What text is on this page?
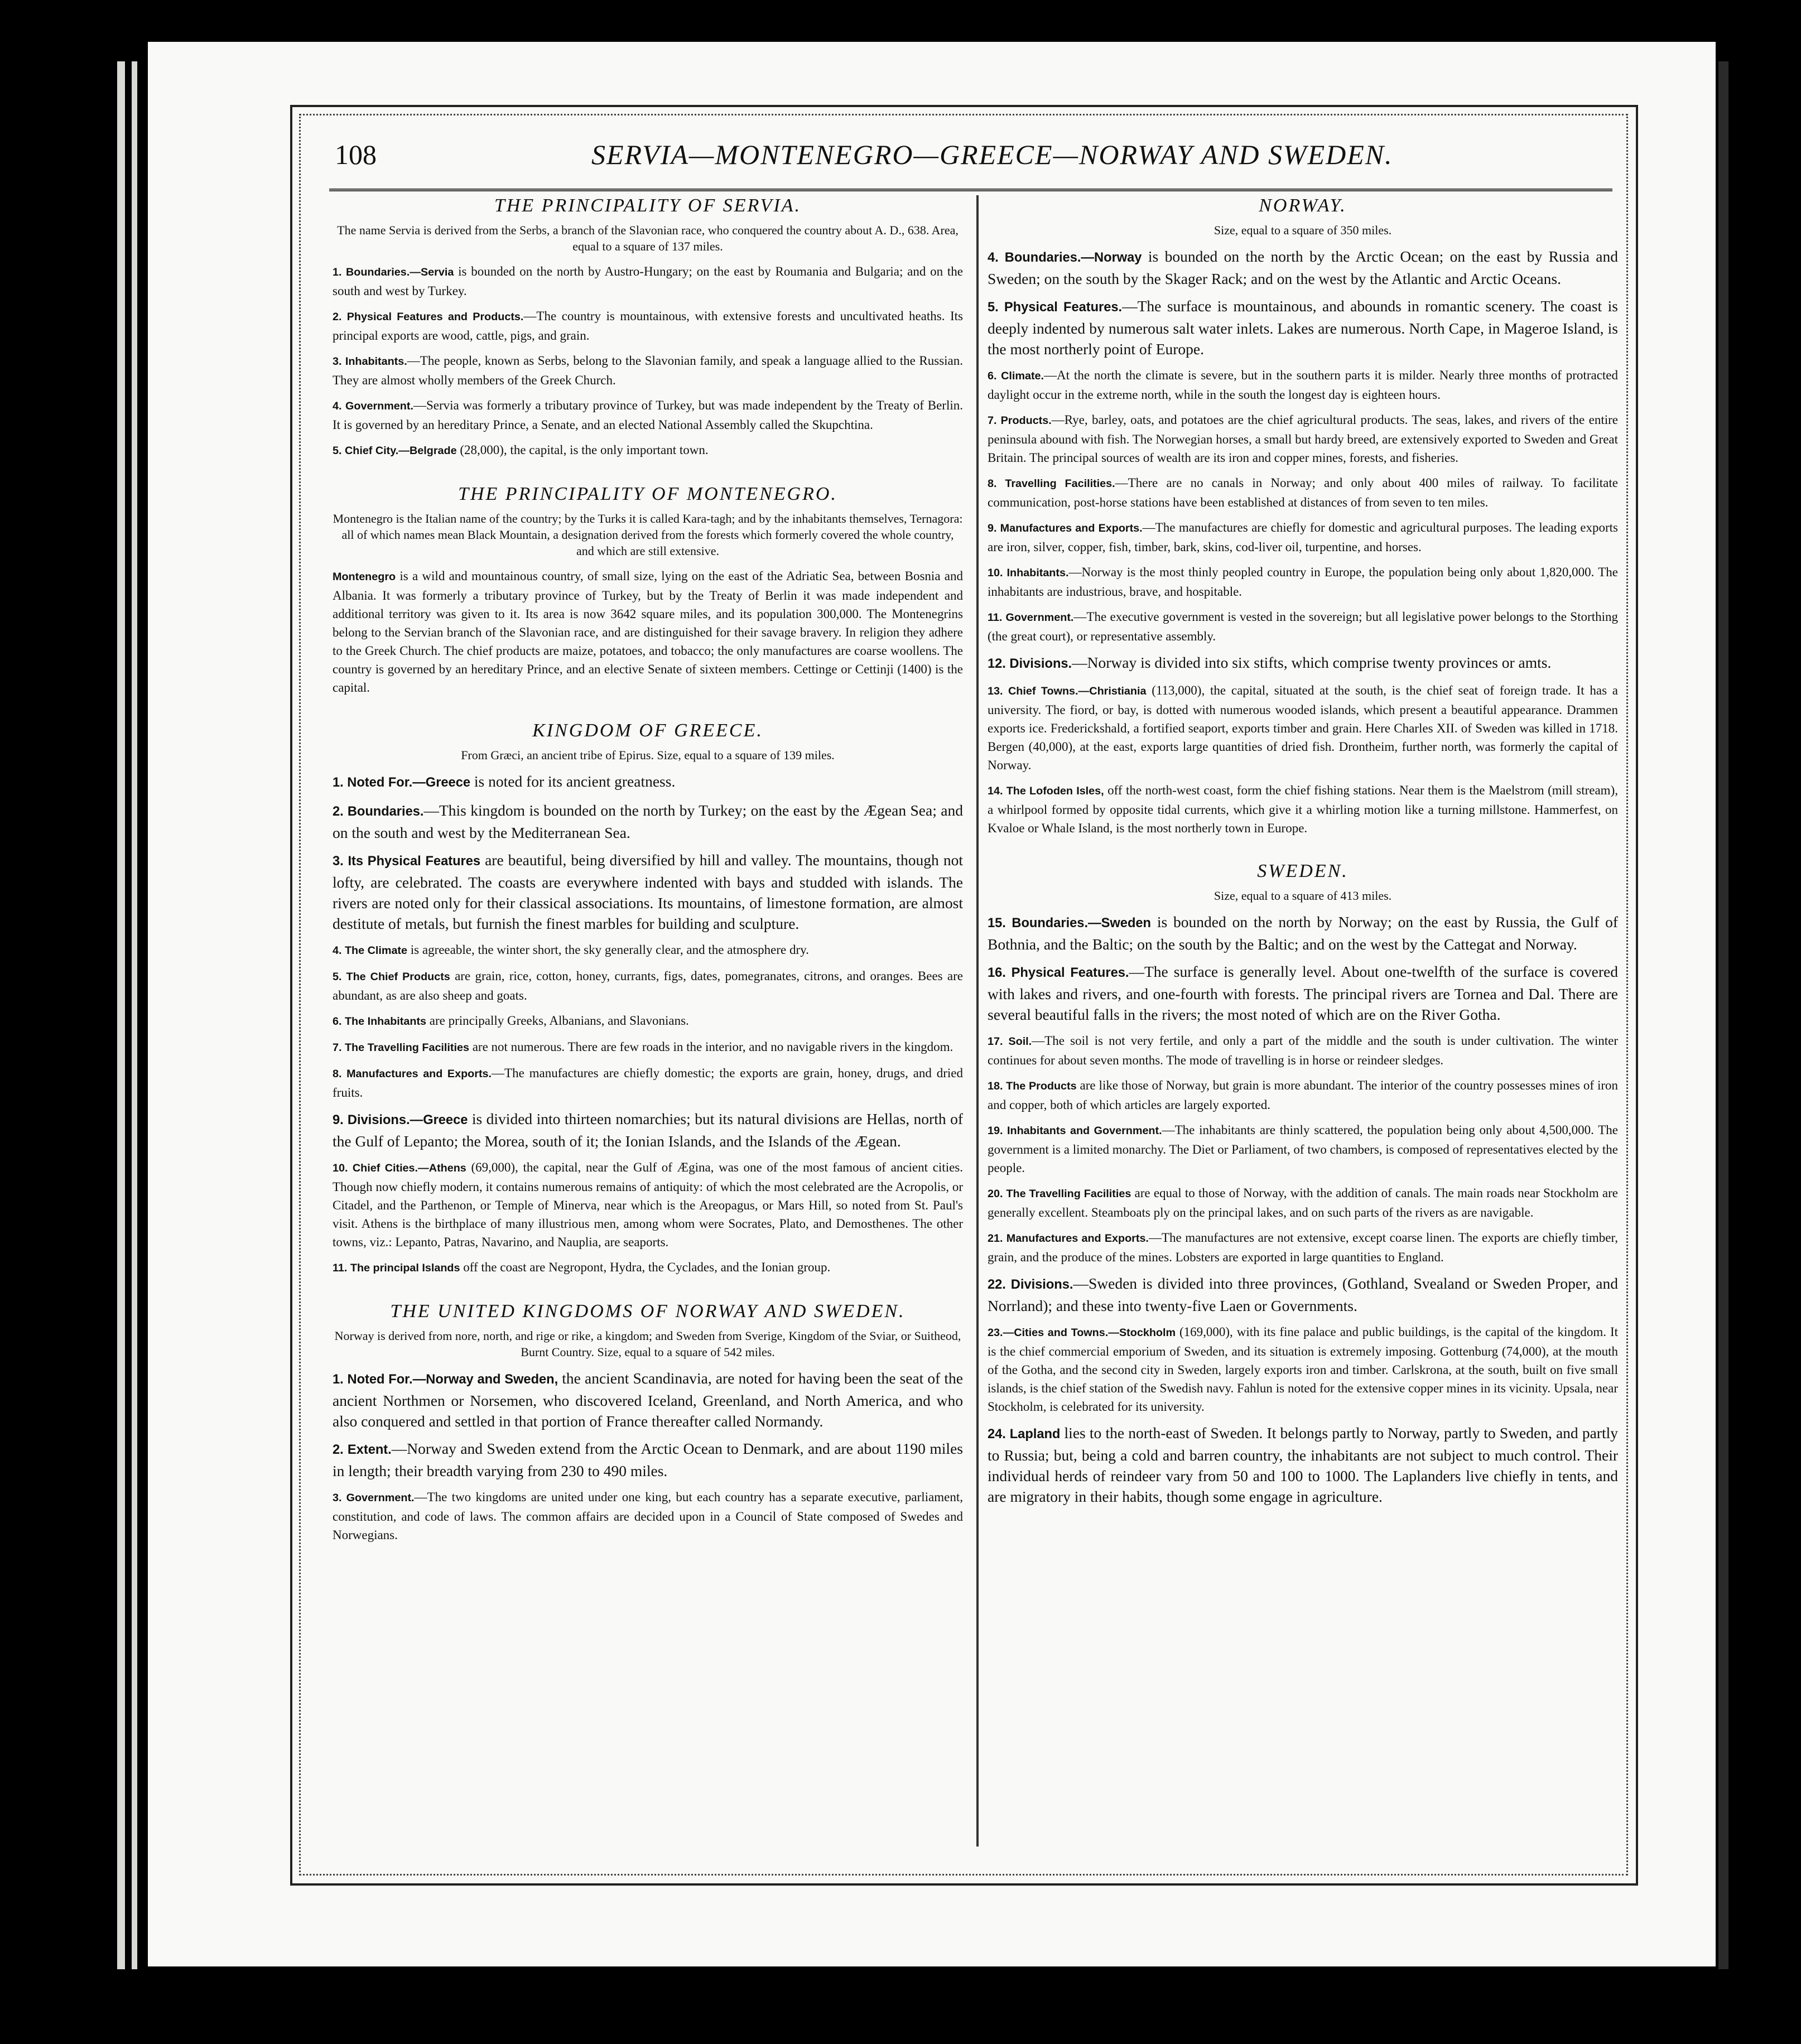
108	SERVIA—MONTENEGRO—GREECE—NORWAY AND SWEDEN.
THE PRINCIPALITY OF SERVIA.
The name Servia is derived from the Serbs, a branch of the Slavonian race, who conquered the country about A. D., 638. Area, equal to a square of 137 miles.
1. Boundaries.—Servia is bounded on the north by Austro-Hungary; on the east by Roumania and Bulgaria; and on the south and west by Turkey.
2. Physical Features and Products.—The country is mountainous, with extensive forests and uncultivated heaths. Its principal exports are wood, cattle, pigs, and grain.
3. Inhabitants.—The people, known as Serbs, belong to the Slavonian family, and speak a language allied to the Russian. They are almost wholly members of the Greek Church.
4. Government.—Servia was formerly a tributary province of Turkey, but was made independent by the Treaty of Berlin. It is governed by an hereditary Prince, a Senate, and an elected National Assembly called the Skupchtina.
5. Chief City.—Belgrade (28,000), the capital, is the only important town.
THE PRINCIPALITY OF MONTENEGRO.
Montenegro is the Italian name of the country; by the Turks it is called Kara-tagh; and by the inhabitants themselves, Ternagora: all of which names mean Black Mountain, a designation derived from the forests which formerly covered the whole country, and which are still extensive.
Montenegro is a wild and mountainous country, of small size, lying on the east of the Adriatic Sea, between Bosnia and Albania. It was formerly a tributary province of Turkey, but by the Treaty of Berlin it was made independent and additional territory was given to it. Its area is now 3642 square miles, and its population 300,000. The Montenegrins belong to the Servian branch of the Slavonian race, and are distinguished for their savage bravery. In religion they adhere to the Greek Church. The chief products are maize, potatoes, and tobacco; the only manufactures are coarse woollens. The country is governed by an hereditary Prince, and an elective Senate of sixteen members. Cettinge or Cettinji (1400) is the capital.
KINGDOM OF GREECE.
From Græci, an ancient tribe of Epirus. Size, equal to a square of 139 miles.
1. Noted For.—Greece is noted for its ancient greatness.
2. Boundaries.—This kingdom is bounded on the north by Turkey; on the east by the Ægean Sea; and on the south and west by the Mediterranean Sea.
3. Its Physical Features are beautiful, being diversified by hill and valley. The mountains, though not lofty, are celebrated. The coasts are everywhere indented with bays and studded with islands. The rivers are noted only for their classical associations. Its mountains, of limestone formation, are almost destitute of metals, but furnish the finest marbles for building and sculpture.
4. The Climate is agreeable, the winter short, the sky generally clear, and the atmosphere dry.
5. The Chief Products are grain, rice, cotton, honey, currants, figs, dates, pomegranates, citrons, and oranges. Bees are abundant, as are also sheep and goats.
6. The Inhabitants are principally Greeks, Albanians, and Slavonians.
7. The Travelling Facilities are not numerous. There are few roads in the interior, and no navigable rivers in the kingdom.
8. Manufactures and Exports.—The manufactures are chiefly domestic; the exports are grain, honey, drugs, and dried fruits.
9. Divisions.—Greece is divided into thirteen nomarchies; but its natural divisions are Hellas, north of the Gulf of Lepanto; the Morea, south of it; the Ionian Islands, and the Islands of the Ægean.
10. Chief Cities.—Athens (69,000), the capital, near the Gulf of Ægina, was one of the most famous of ancient cities. Though now chiefly modern, it contains numerous remains of antiquity: of which the most celebrated are the Acropolis, or Citadel, and the Parthenon, or Temple of Minerva, near which is the Areopagus, or Mars Hill, so noted from St. Paul's visit. Athens is the birthplace of many illustrious men, among whom were Socrates, Plato, and Demosthenes. The other towns, viz.: Lepanto, Patras, Navarino, and Nauplia, are seaports.
11. The principal Islands off the coast are Negropont, Hydra, the Cyclades, and the Ionian group.
THE UNITED KINGDOMS OF NORWAY AND SWEDEN.
Norway is derived from nore, north, and rige or rike, a kingdom; and Sweden from Sverige, Kingdom of the Sviar, or Suitheod, Burnt Country. Size, equal to a square of 542 miles.
1. Noted For.—Norway and Sweden, the ancient Scandinavia, are noted for having been the seat of the ancient Northmen or Norsemen, who discovered Iceland, Greenland, and North America, and who also conquered and settled in that portion of France thereafter called Normandy.
2. Extent.—Norway and Sweden extend from the Arctic Ocean to Denmark, and are about 1190 miles in length; their breadth varying from 230 to 490 miles.
3. Government.—The two kingdoms are united under one king, but each country has a separate executive, parliament, constitution, and code of laws. The common affairs are decided upon in a Council of State composed of Swedes and Norwegians.
NORWAY.
Size, equal to a square of 350 miles.
4. Boundaries.—Norway is bounded on the north by the Arctic Ocean; on the east by Russia and Sweden; on the south by the Skager Rack; and on the west by the Atlantic and Arctic Oceans.
5. Physical Features.—The surface is mountainous, and abounds in romantic scenery. The coast is deeply indented by numerous salt water inlets. Lakes are numerous. North Cape, in Mageroe Island, is the most northerly point of Europe.
6. Climate.—At the north the climate is severe, but in the southern parts it is milder. Nearly three months of protracted daylight occur in the extreme north, while in the south the longest day is eighteen hours.
7. Products.—Rye, barley, oats, and potatoes are the chief agricultural products. The seas, lakes, and rivers of the entire peninsula abound with fish. The Norwegian horses, a small but hardy breed, are extensively exported to Sweden and Great Britain. The principal sources of wealth are its iron and copper mines, forests, and fisheries.
8. Travelling Facilities.—There are no canals in Norway; and only about 400 miles of railway. To facilitate communication, post-horse stations have been established at distances of from seven to ten miles.
9. Manufactures and Exports.—The manufactures are chiefly for domestic and agricultural purposes. The leading exports are iron, silver, copper, fish, timber, bark, skins, cod-liver oil, turpentine, and horses.
10. Inhabitants.—Norway is the most thinly peopled country in Europe, the population being only about 1,820,000. The inhabitants are industrious, brave, and hospitable.
11. Government.—The executive government is vested in the sovereign; but all legislative power belongs to the Storthing (the great court), or representative assembly.
12. Divisions.—Norway is divided into six stifts, which comprise twenty provinces or amts.
13. Chief Towns.—Christiania (113,000), the capital, situated at the south, is the chief seat of foreign trade. It has a university. The fiord, or bay, is dotted with numerous wooded islands, which present a beautiful appearance. Drammen exports ice. Frederickshald, a fortified seaport, exports timber and grain. Here Charles XII. of Sweden was killed in 1718. Bergen (40,000), at the east, exports large quantities of dried fish. Drontheim, further north, was formerly the capital of Norway.
14. The Lofoden Isles, off the north-west coast, form the chief fishing stations. Near them is the Maelstrom (mill stream), a whirlpool formed by opposite tidal currents, which give it a whirling motion like a turning millstone. Hammerfest, on Kvaloe or Whale Island, is the most northerly town in Europe.
SWEDEN.
Size, equal to a square of 413 miles.
15. Boundaries.—Sweden is bounded on the north by Norway; on the east by Russia, the Gulf of Bothnia, and the Baltic; on the south by the Baltic; and on the west by the Cattegat and Norway.
16. Physical Features.—The surface is generally level. About one-twelfth of the surface is covered with lakes and rivers, and one-fourth with forests. The principal rivers are Tornea and Dal. There are several beautiful falls in the rivers; the most noted of which are on the River Gotha.
17. Soil.—The soil is not very fertile, and only a part of the middle and the south is under cultivation. The winter continues for about seven months. The mode of travelling is in horse or reindeer sledges.
18. The Products are like those of Norway, but grain is more abundant. The interior of the country possesses mines of iron and copper, both of which articles are largely exported.
19. Inhabitants and Government.—The inhabitants are thinly scattered, the population being only about 4,500,000. The government is a limited monarchy. The Diet or Parliament, of two chambers, is composed of representatives elected by the people.
20. The Travelling Facilities are equal to those of Norway, with the addition of canals. The main roads near Stockholm are generally excellent. Steamboats ply on the principal lakes, and on such parts of the rivers as are navigable.
21. Manufactures and Exports.—The manufactures are not extensive, except coarse linen. The exports are chiefly timber, grain, and the produce of the mines. Lobsters are exported in large quantities to England.
22. Divisions.—Sweden is divided into three provinces, (Gothland, Svealand or Sweden Proper, and Norrland); and these into twenty-five Laen or Governments.
23.—Cities and Towns.—Stockholm (169,000), with its fine palace and public buildings, is the capital of the kingdom. It is the chief commercial emporium of Sweden, and its situation is extremely imposing. Gottenburg (74,000), at the mouth of the Gotha, and the second city in Sweden, largely exports iron and timber. Carlskrona, at the south, built on five small islands, is the chief station of the Swedish navy. Fahlun is noted for the extensive copper mines in its vicinity. Upsala, near Stockholm, is celebrated for its university.
24. Lapland lies to the north-east of Sweden. It belongs partly to Norway, partly to Sweden, and partly to Russia; but, being a cold and barren country, the inhabitants are not subject to much control. Their individual herds of reindeer vary from 50 and 100 to 1000. The Laplanders live chiefly in tents, and are migratory in their habits, though some engage in agriculture.
